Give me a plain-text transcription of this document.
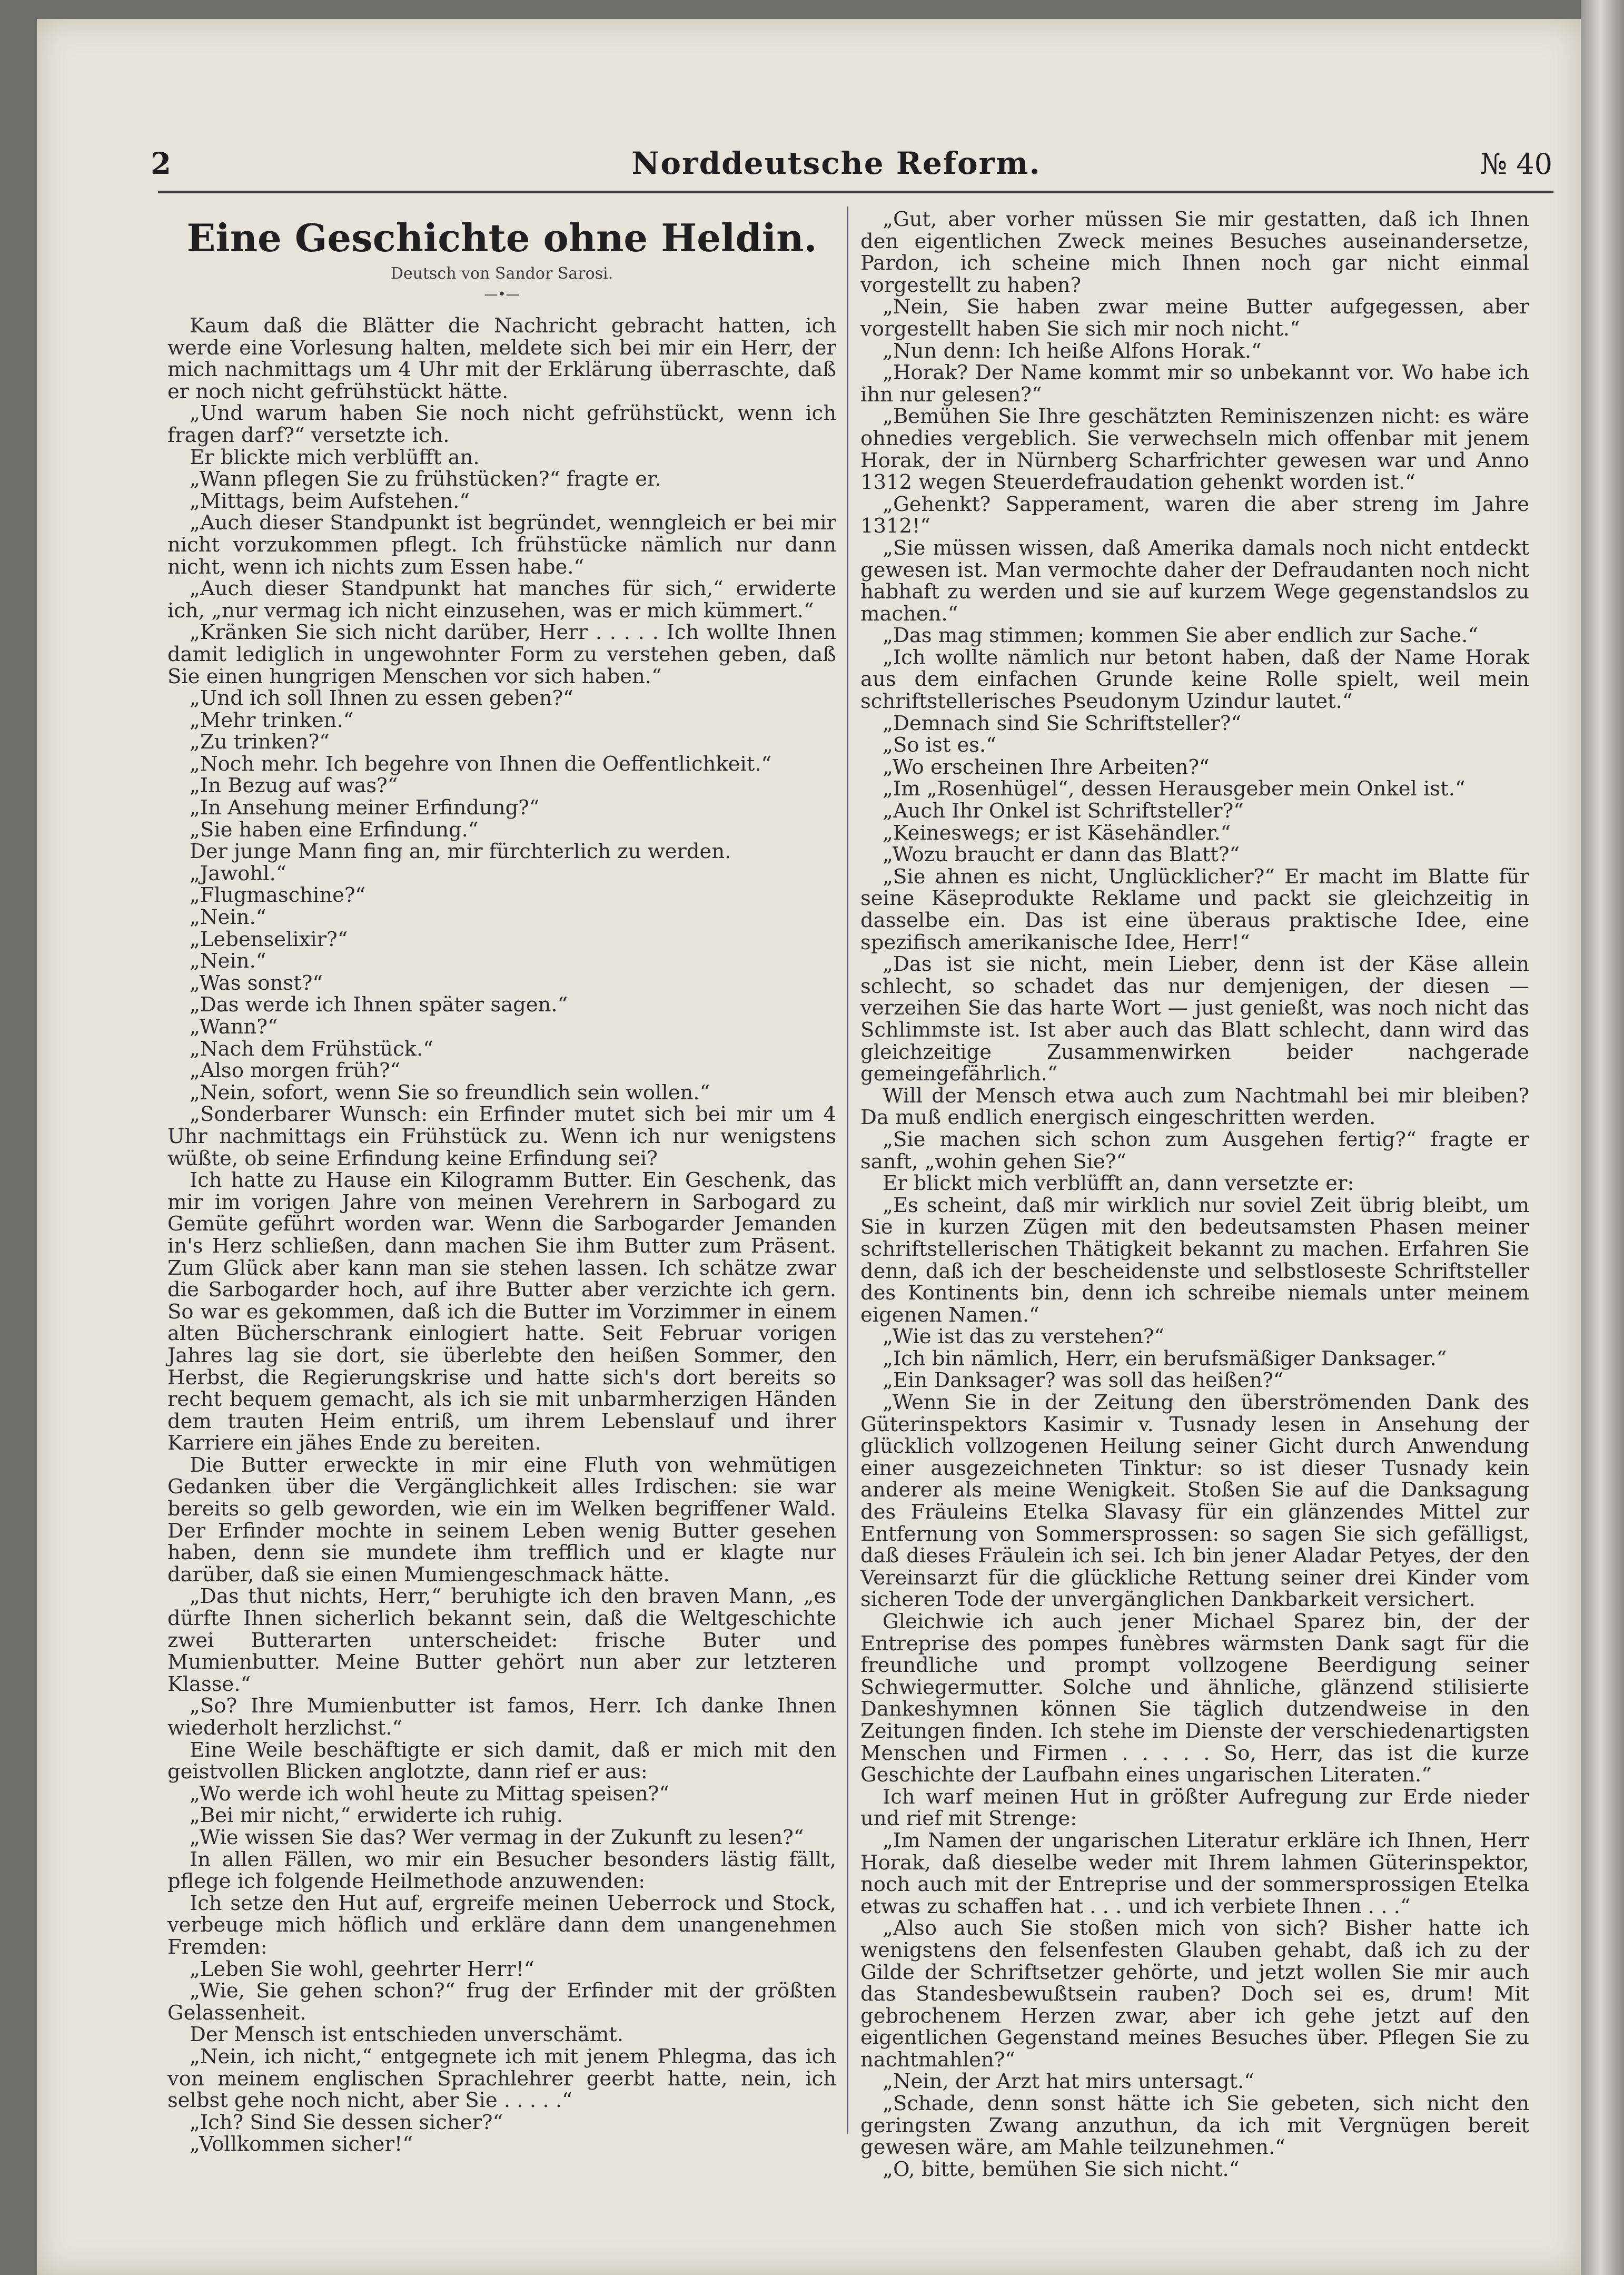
2	Norddeutsche Reform.	№ 40
Eine Geschichte ohne Heldin.
Deutsch von Sandor Sarosi.
—•—

Kaum daß die Blätter die Nachricht gebracht hatten, ich werde eine Vorlesung halten, meldete sich bei mir ein Herr, der mich nachmittags um 4 Uhr mit der Erklärung überraschte, daß er noch nicht gefrühstückt hätte.

„Und warum haben Sie noch nicht gefrühstückt, wenn ich fragen darf?“ versetzte ich.

Er blickte mich verblüfft an.

„Wann pflegen Sie zu frühstücken?“ fragte er.

„Mittags, beim Aufstehen.“

„Auch dieser Standpunkt ist begründet, wenngleich er bei mir nicht vorzukommen pflegt. Ich frühstücke nämlich nur dann nicht, wenn ich nichts zum Essen habe.“

„Auch dieser Standpunkt hat manches für sich,“ erwiderte ich, „nur vermag ich nicht einzusehen, was er mich kümmert.“

„Kränken Sie sich nicht darüber, Herr . . . . . Ich wollte Ihnen damit lediglich in ungewohnter Form zu verstehen geben, daß Sie einen hungrigen Menschen vor sich haben.“

„Und ich soll Ihnen zu essen geben?“

„Mehr trinken.“

„Zu trinken?“

„Noch mehr. Ich begehre von Ihnen die Oeffentlichkeit.“

„In Bezug auf was?“

„In Ansehung meiner Erfindung?“

„Sie haben eine Erfindung.“

Der junge Mann fing an, mir fürchterlich zu werden.

„Jawohl.“

„Flugmaschine?“

„Nein.“

„Lebenselixir?“

„Nein.“

„Was sonst?“

„Das werde ich Ihnen später sagen.“

„Wann?“

„Nach dem Frühstück.“

„Also morgen früh?“

„Nein, sofort, wenn Sie so freundlich sein wollen.“

„Sonderbarer Wunsch: ein Erfinder mutet sich bei mir um 4 Uhr nachmittags ein Frühstück zu. Wenn ich nur wenigstens wüßte, ob seine Erfindung keine Erfindung sei?

Ich hatte zu Hause ein Kilogramm Butter. Ein Geschenk, das mir im vorigen Jahre von meinen Verehrern in Sarbogard zu Gemüte geführt worden war. Wenn die Sarbogarder Jemanden in's Herz schließen, dann machen Sie ihm Butter zum Präsent. Zum Glück aber kann man sie stehen lassen. Ich schätze zwar die Sarbogarder hoch, auf ihre Butter aber verzichte ich gern. So war es gekommen, daß ich die Butter im Vorzimmer in einem alten Bücherschrank einlogiert hatte. Seit Februar vorigen Jahres lag sie dort, sie überlebte den heißen Sommer, den Herbst, die Regierungskrise und hatte sich's dort bereits so recht bequem gemacht, als ich sie mit unbarmherzigen Händen dem trauten Heim entriß, um ihrem Lebenslauf und ihrer Karriere ein jähes Ende zu bereiten.

Die Butter erweckte in mir eine Fluth von wehmütigen Gedanken über die Vergänglichkeit alles Irdischen: sie war bereits so gelb geworden, wie ein im Welken begriffener Wald. Der Erfinder mochte in seinem Leben wenig Butter gesehen haben, denn sie mundete ihm trefflich und er klagte nur darüber, daß sie einen Mumiengeschmack hätte.

„Das thut nichts, Herr,“ beruhigte ich den braven Mann, „es dürfte Ihnen sicherlich bekannt sein, daß die Weltgeschichte zwei Butterarten unterscheidet: frische Buter und Mumienbutter. Meine Butter gehört nun aber zur letzteren Klasse.“

„So? Ihre Mumienbutter ist famos, Herr. Ich danke Ihnen wiederholt herzlichst.“

Eine Weile beschäftigte er sich damit, daß er mich mit den geistvollen Blicken anglotzte, dann rief er aus:

„Wo werde ich wohl heute zu Mittag speisen?“

„Bei mir nicht,“ erwiderte ich ruhig.

„Wie wissen Sie das? Wer vermag in der Zukunft zu lesen?“

In allen Fällen, wo mir ein Besucher besonders lästig fällt, pflege ich folgende Heilmethode anzuwenden:

Ich setze den Hut auf, ergreife meinen Ueberrock und Stock, verbeuge mich höflich und erkläre dann dem unangenehmen Fremden:

„Leben Sie wohl, geehrter Herr!“

„Wie, Sie gehen schon?“ frug der Erfinder mit der größten Gelassenheit.

Der Mensch ist entschieden unverschämt.

„Nein, ich nicht,“ entgegnete ich mit jenem Phlegma, das ich von meinem englischen Sprachlehrer geerbt hatte, nein, ich selbst gehe noch nicht, aber Sie . . . . .“

„Ich? Sind Sie dessen sicher?“

„Vollkommen sicher!“

„Gut, aber vorher müssen Sie mir gestatten, daß ich Ihnen den eigentlichen Zweck meines Besuches auseinandersetze, Pardon, ich scheine mich Ihnen noch gar nicht einmal vorgestellt zu haben?

„Nein, Sie haben zwar meine Butter aufgegessen, aber vorgestellt haben Sie sich mir noch nicht.“

„Nun denn: Ich heiße Alfons Horak.“

„Horak? Der Name kommt mir so unbekannt vor. Wo habe ich ihn nur gelesen?“

„Bemühen Sie Ihre geschätzten Reminiszenzen nicht: es wäre ohnedies vergeblich. Sie verwechseln mich offenbar mit jenem Horak, der in Nürnberg Scharfrichter gewesen war und Anno 1312 wegen Steuerdefraudation gehenkt worden ist.“

„Gehenkt? Sapperament, waren die aber streng im Jahre 1312!“

„Sie müssen wissen, daß Amerika damals noch nicht entdeckt gewesen ist. Man vermochte daher der Defraudanten noch nicht habhaft zu werden und sie auf kurzem Wege gegenstandslos zu machen.“

„Das mag stimmen; kommen Sie aber endlich zur Sache.“

„Ich wollte nämlich nur betont haben, daß der Name Horak aus dem einfachen Grunde keine Rolle spielt, weil mein schriftstellerisches Pseudonym Uzindur lautet.“

„Demnach sind Sie Schriftsteller?“

„So ist es.“

„Wo erscheinen Ihre Arbeiten?“

„Im „Rosenhügel“, dessen Herausgeber mein Onkel ist.“

„Auch Ihr Onkel ist Schriftsteller?“

„Keineswegs; er ist Käsehändler.“

„Wozu braucht er dann das Blatt?“

„Sie ahnen es nicht, Unglücklicher?“ Er macht im Blatte für seine Käseprodukte Reklame und packt sie gleichzeitig in dasselbe ein. Das ist eine überaus praktische Idee, eine spezifisch amerikanische Idee, Herr!“

„Das ist sie nicht, mein Lieber, denn ist der Käse allein schlecht, so schadet das nur demjenigen, der diesen — verzeihen Sie das harte Wort — just genießt, was noch nicht das Schlimmste ist. Ist aber auch das Blatt schlecht, dann wird das gleichzeitige Zusammenwirken beider nachgerade gemeingefährlich.“

Will der Mensch etwa auch zum Nachtmahl bei mir bleiben? Da muß endlich energisch eingeschritten werden.

„Sie machen sich schon zum Ausgehen fertig?“ fragte er sanft, „wohin gehen Sie?“

Er blickt mich verblüfft an, dann versetzte er:

„Es scheint, daß mir wirklich nur soviel Zeit übrig bleibt, um Sie in kurzen Zügen mit den bedeutsamsten Phasen meiner schriftstellerischen Thätigkeit bekannt zu machen. Erfahren Sie denn, daß ich der bescheidenste und selbstloseste Schriftsteller des Kontinents bin, denn ich schreibe niemals unter meinem eigenen Namen.“

„Wie ist das zu verstehen?“

„Ich bin nämlich, Herr, ein berufsmäßiger Danksager.“

„Ein Danksager? was soll das heißen?“

„Wenn Sie in der Zeitung den überströmenden Dank des Güterinspektors Kasimir v. Tusnady lesen in Ansehung der glücklich vollzogenen Heilung seiner Gicht durch Anwendung einer ausgezeichneten Tinktur: so ist dieser Tusnady kein anderer als meine Wenigkeit. Stoßen Sie auf die Danksagung des Fräuleins Etelka Slavasy für ein glänzendes Mittel zur Entfernung von Sommersprossen: so sagen Sie sich gefälligst, daß dieses Fräulein ich sei. Ich bin jener Aladar Petyes, der den Vereinsarzt für die glückliche Rettung seiner drei Kinder vom sicheren Tode der unvergänglichen Dankbarkeit versichert.

Gleichwie ich auch jener Michael Sparez bin, der der Entreprise des pompes funèbres wärmsten Dank sagt für die freundliche und prompt vollzogene Beerdigung seiner Schwiegermutter. Solche und ähnliche, glänzend stilisierte Dankeshymnen können Sie täglich dutzendweise in den Zeitungen finden. Ich stehe im Dienste der verschiedenartigsten Menschen und Firmen . . . . . So, Herr, das ist die kurze Geschichte der Laufbahn eines ungarischen Literaten.“

Ich warf meinen Hut in größter Aufregung zur Erde nieder und rief mit Strenge:

„Im Namen der ungarischen Literatur erkläre ich Ihnen, Herr Horak, daß dieselbe weder mit Ihrem lahmen Güterinspektor, noch auch mit der Entreprise und der sommersprossigen Etelka etwas zu schaffen hat . . . und ich verbiete Ihnen . . .“

„Also auch Sie stoßen mich von sich? Bisher hatte ich wenigstens den felsenfesten Glauben gehabt, daß ich zu der Gilde der Schriftsetzer gehörte, und jetzt wollen Sie mir auch das Standesbewußtsein rauben? Doch sei es, drum! Mit gebrochenem Herzen zwar, aber ich gehe jetzt auf den eigentlichen Gegenstand meines Besuches über. Pflegen Sie zu nachtmahlen?“

„Nein, der Arzt hat mirs untersagt.“

„Schade, denn sonst hätte ich Sie gebeten, sich nicht den geringsten Zwang anzuthun, da ich mit Vergnügen bereit gewesen wäre, am Mahle teilzunehmen.“

„O, bitte, bemühen Sie sich nicht.“
